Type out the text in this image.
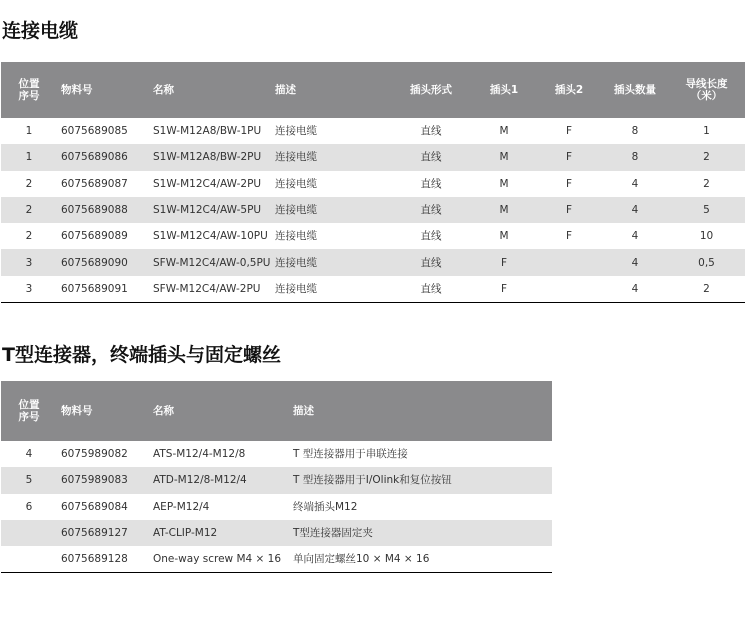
连接电缆
位置
序号	物料号	名称	描述	插头形式	插头1	插头2	插头数量	导线长度
（米）
1	6075689085	S1W-M12A8/BW-1PU	连接电缆	直线	M	F	8	1
1	6075689086	S1W-M12A8/BW-2PU	连接电缆	直线	M	F	8	2
2	6075689087	S1W-M12C4/AW-2PU	连接电缆	直线	M	F	4	2
2	6075689088	S1W-M12C4/AW-5PU	连接电缆	直线	M	F	4	5
2	6075689089	S1W-M12C4/AW-10PU	连接电缆	直线	M	F	4	10
3	6075689090	SFW-M12C4/AW-0,5PU	连接电缆	直线	F		4	0,5
3	6075689091	SFW-M12C4/AW-2PU	连接电缆	直线	F		4	2
T型连接器，终端插头与固定螺丝
位置
序号	物料号	名称	描述
4	6075989082	ATS-M12/4-M12/8	T 型连接器用于串联连接
5	6075989083	ATD-M12/8-M12/4	T 型连接器用于I/Olink和复位按钮
6	6075689084	AEP-M12/4	终端插头M12
	6075689127	AT-CLIP-M12	T型连接器固定夹
	6075689128	One-way screw M4 × 16	单向固定螺丝10 × M4 × 16
